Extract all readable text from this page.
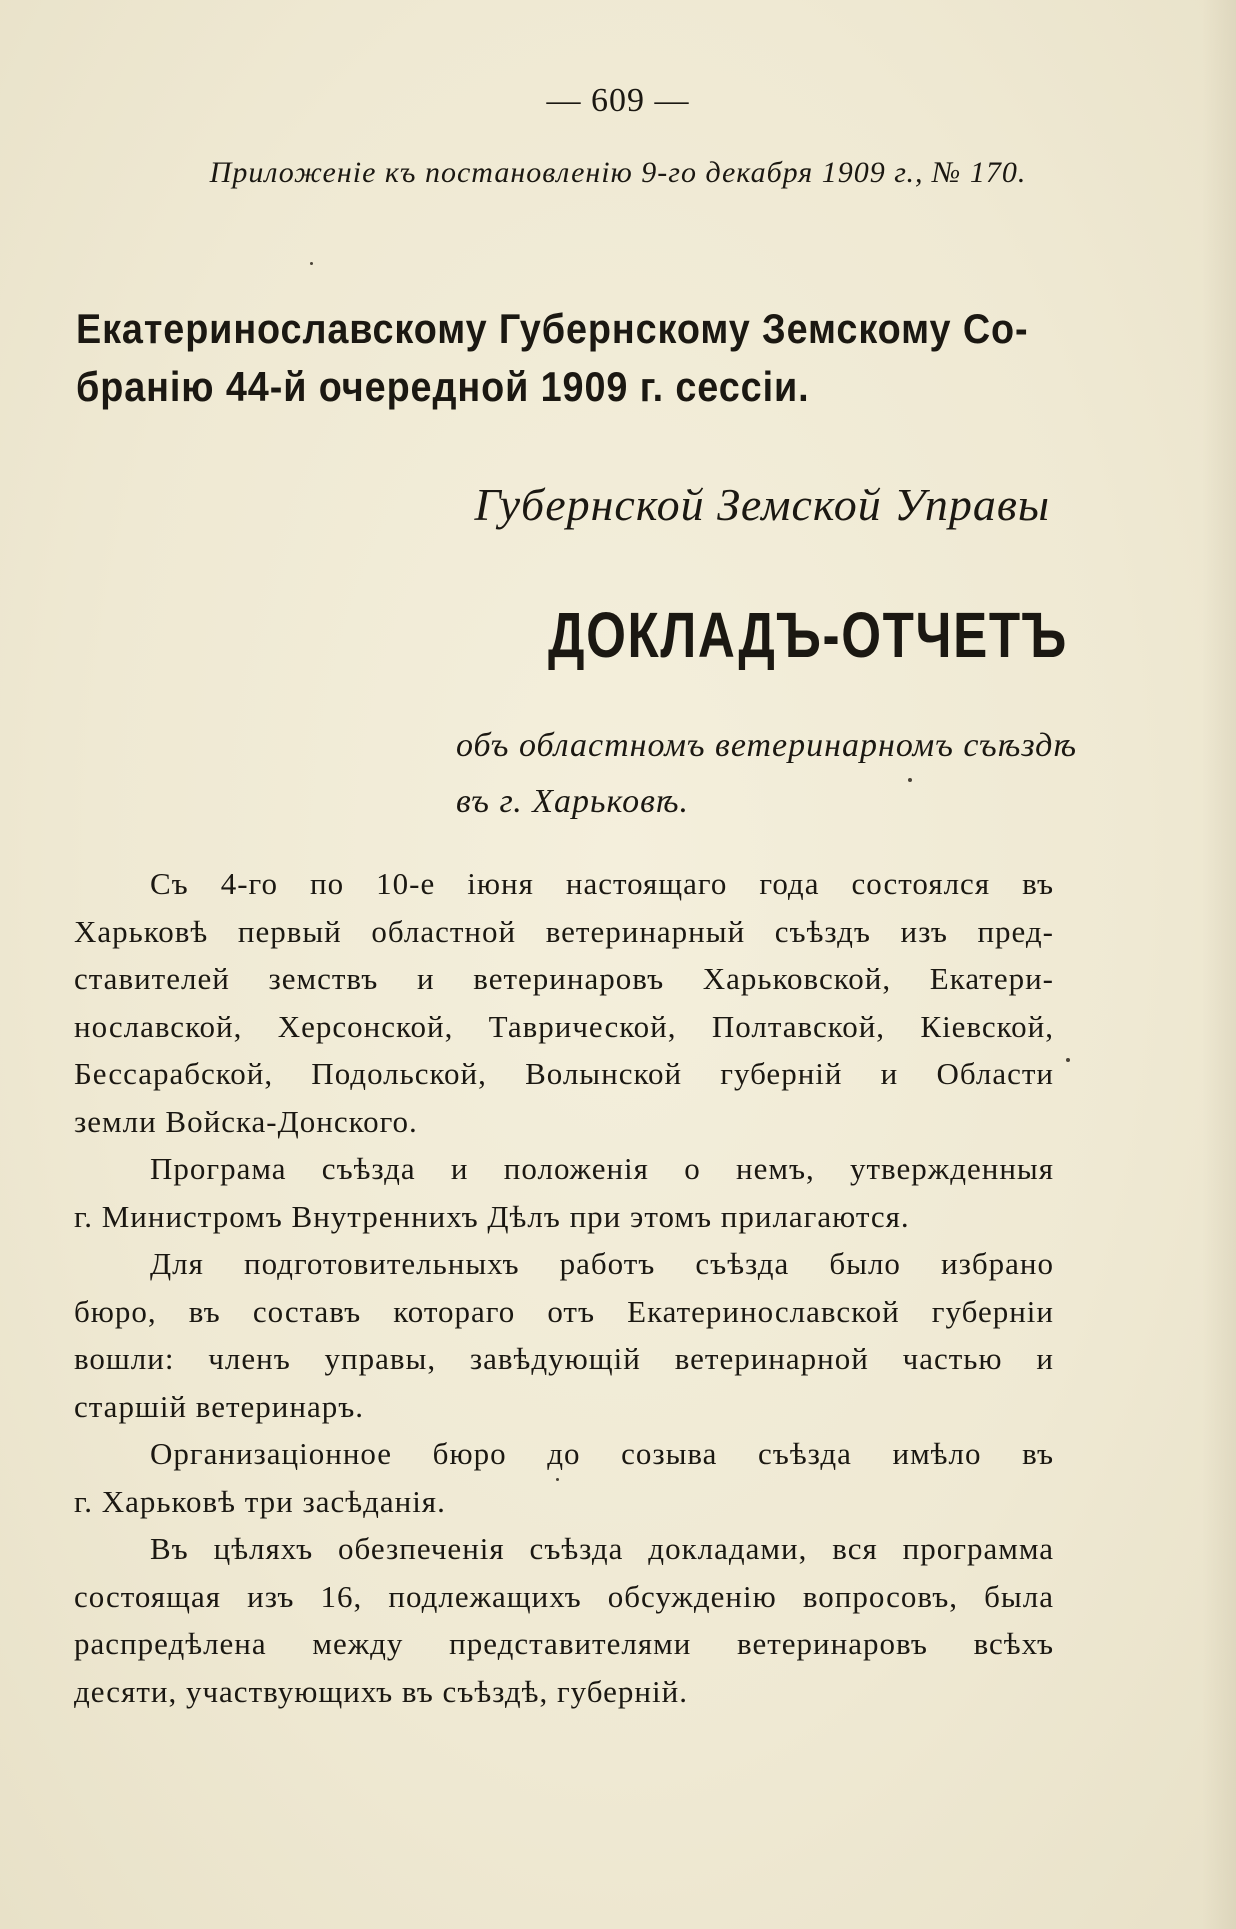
— 609 —
Приложенiе къ постановленiю 9-го декабря 1909 г., № 170.
Екатеринославскому Губернскому Земскому Со-
бранiю 44-й очередной 1909 г. сессiи.
Губернской Земской Управы
ДОКЛАДЪ-ОТЧЕТЪ
объ областномъ ветеринарномъ съѣздѣ
въ г. Харьковѣ.
Съ 4-го по 10-е iюня настоящаго года состоялся въ
Харьковѣ первый областной ветеринарный съѣздъ изъ пред-
ставителей земствъ и ветеринаровъ Харьковской, Екатери-
нославской, Херсонской, Таврической, Полтавской, Кiевской,
Бессарабской, Подольской, Волынской губернiй и Области
земли Войска-Донского.
Програма съѣзда и положенiя о немъ, утвержденныя
г. Министромъ Внутреннихъ Дѣлъ при этомъ прилагаются.
Для подготовительныхъ работъ съѣзда было избрано
бюро, въ составъ котораго отъ Екатеринославской губернiи
вошли: членъ управы, завѣдующiй ветеринарной частью и
старшiй ветеринаръ.
Организацiонное бюро до созыва съѣзда имѣло въ
г. Харьковѣ три засѣданiя.
Въ цѣляхъ обезпеченiя съѣзда докладами, вся программа
состоящая изъ 16, подлежащихъ обсужденiю вопросовъ, была
распредѣлена между представителями ветеринаровъ всѣхъ
десяти, участвующихъ въ съѣздѣ, губернiй.
